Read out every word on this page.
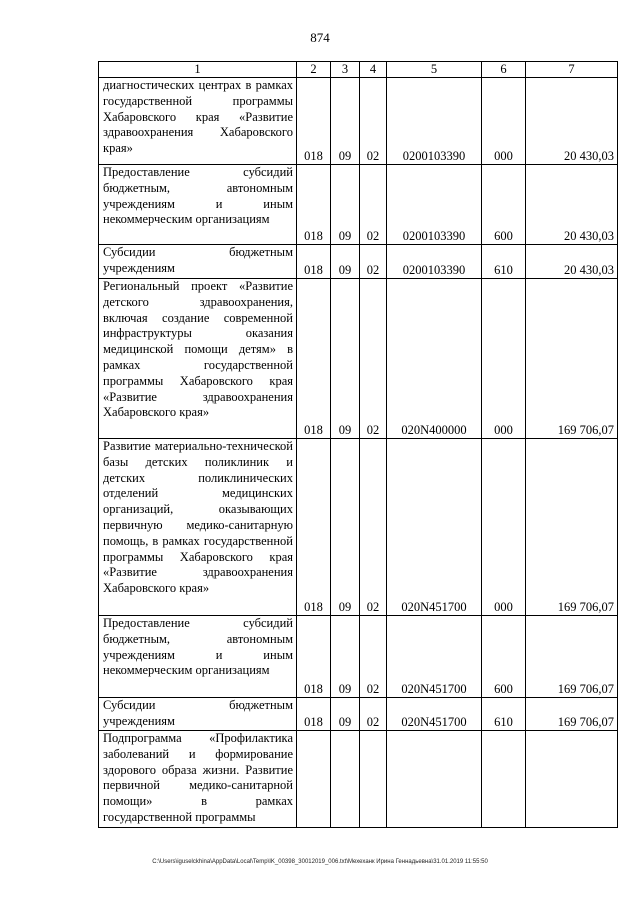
874
1	2	3	4	5	6	7
диагностических центрах в рамках государственной программы Хабаровского края «Развитие здравоохранения Хабаровского края»	018	09	02	0200103390	000	20 430,03
Предоставление субсидий бюджетным, автономным учреждениям и иным некоммерческим организациям	018	09	02	0200103390	600	20 430,03
Субсидии бюджетным учреждениям	018	09	02	0200103390	610	20 430,03
Региональный проект «Развитие детского здравоохранения, включая создание современной инфраструктуры оказания медицинской помощи детям» в рамках государственной программы Хабаровского края «Развитие здравоохранения Хабаровского края»	018	09	02	020N400000	000	169 706,07
Развитие материально-технической базы детских поликлиник и детских поликлинических отделений медицинских организаций, оказывающих первичную медико-санитарную помощь, в рамках государственной программы Хабаровского края «Развитие здравоохранения Хабаровского края»	018	09	02	020N451700	000	169 706,07
Предоставление субсидий бюджетным, автономным учреждениям и иным некоммерческим организациям	018	09	02	020N451700	600	169 706,07
Субсидии бюджетным учреждениям	018	09	02	020N451700	610	169 706,07
Подпрограмма «Профилактика заболеваний и формирование здорового образа жизни. Развитие первичной медико-санитарной помощи» в рамках государственной программы						
C:\Users\iguselckhina\AppData\Local\Temp\IK_00398_30012019_006.txt\Мехеханк Ирина Геннадьевна\31.01.2019 11:55:50
